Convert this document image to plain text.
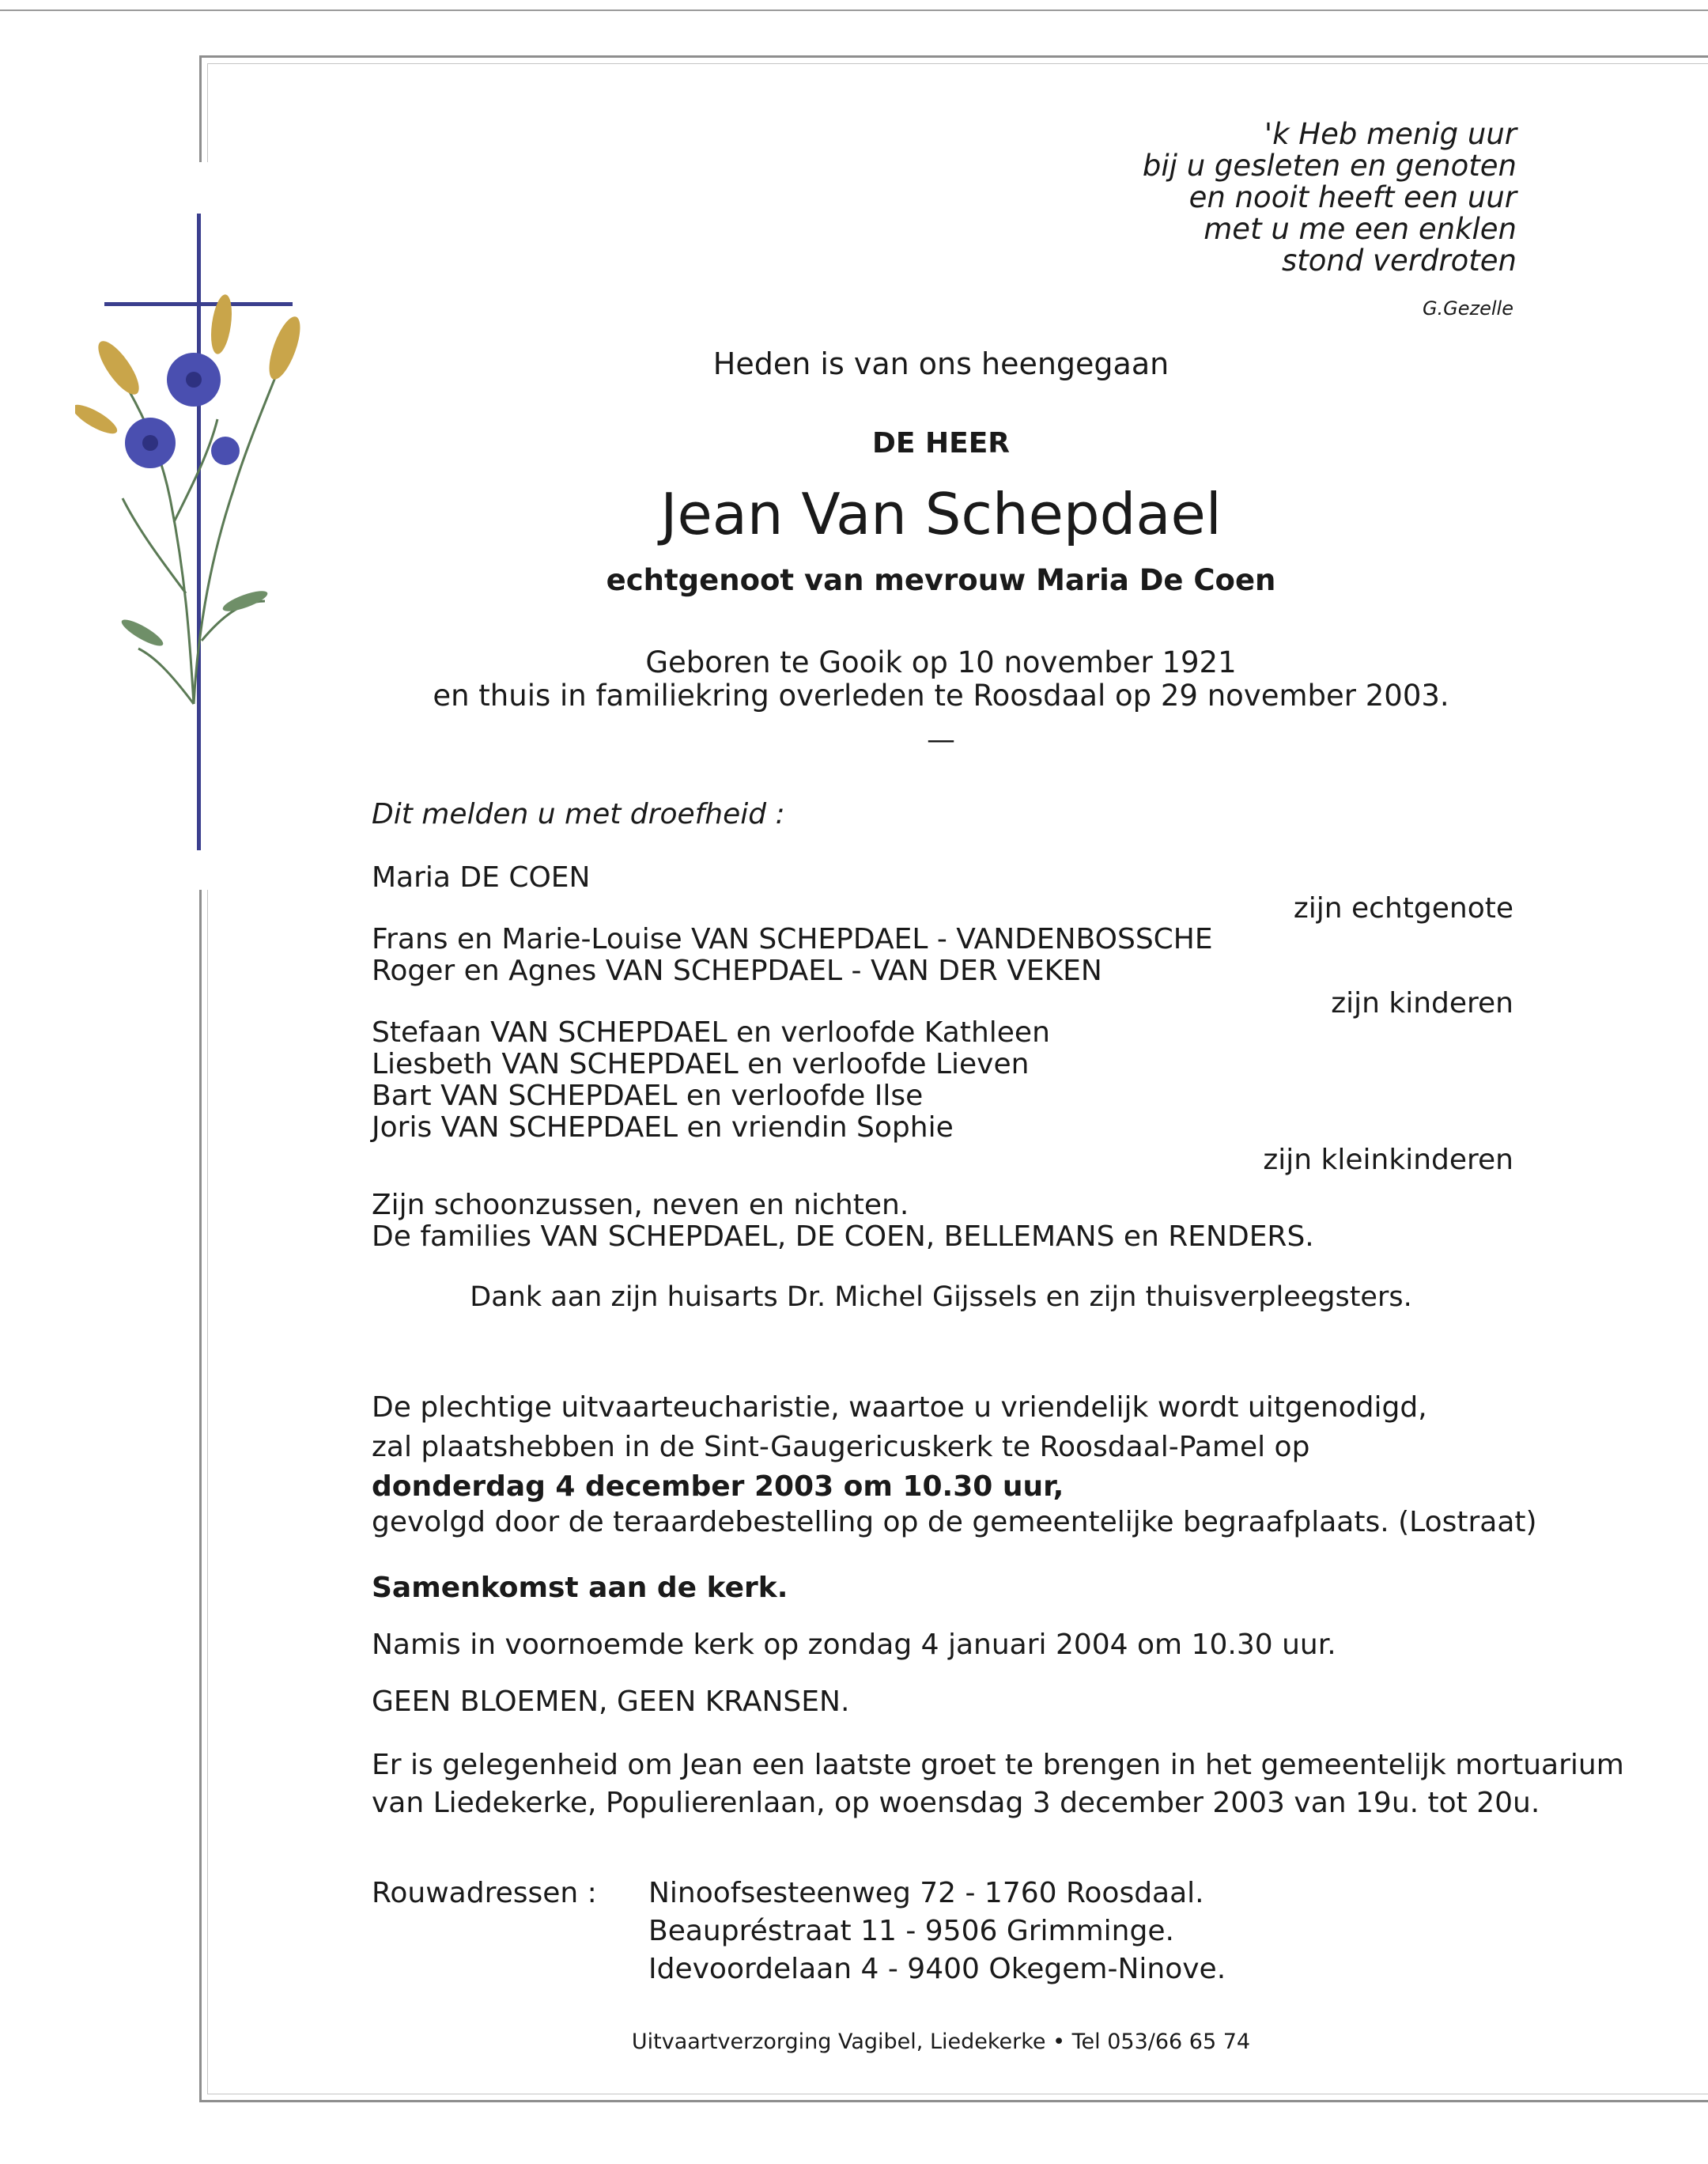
'k Heb menig uur

bij u gesleten en genoten

en nooit heeft een uur

met u me een enklen

stond verdroten

G.Gezelle

Heden is van ons heengegaan

DE HEER

Jean Van Schepdael

echtgenoot van mevrouw Maria De Coen

Geboren te Gooik op 10 november 1921

en thuis in familiekring overleden te Roosdaal op 29 november 2003.

—

Dit melden u met droefheid :

Maria DE COEN

zijn echtgenote

Frans en Marie-Louise VAN SCHEPDAEL - VANDENBOSSCHE

Roger en Agnes VAN SCHEPDAEL - VAN DER VEKEN

zijn kinderen

Stefaan VAN SCHEPDAEL en verloofde Kathleen

Liesbeth VAN SCHEPDAEL en verloofde Lieven

Bart VAN SCHEPDAEL en verloofde Ilse

Joris VAN SCHEPDAEL en vriendin Sophie

zijn kleinkinderen

Zijn schoonzussen, neven en nichten.

De families VAN SCHEPDAEL, DE COEN, BELLEMANS en RENDERS.

Dank aan zijn huisarts Dr. Michel Gijssels en zijn thuisverpleegsters.

De plechtige uitvaarteucharistie, waartoe u vriendelijk wordt uitgenodigd,

zal plaatshebben in de Sint-Gaugericuskerk te Roosdaal-Pamel op

donderdag 4 december 2003 om 10.30 uur,

gevolgd door de teraardebestelling op de gemeentelijke begraafplaats. (Lostraat)

Samenkomst aan de kerk.

Namis in voornoemde kerk op zondag 4 januari 2004 om 10.30 uur.

GEEN BLOEMEN, GEEN KRANSEN.

Er is gelegenheid om Jean een laatste groet te brengen in het gemeentelijk mortuarium

van Liedekerke, Populierenlaan, op woensdag 3 december 2003 van 19u. tot 20u.

Rouwadressen : Ninoofsesteenweg 72 - 1760 Roosdaal.

Beaupréstraat 11 - 9506 Grimminge.

Idevoordelaan 4 - 9400 Okegem-Ninove.

Uitvaartverzorging Vagibel, Liedekerke • Tel 053/66 65 74
